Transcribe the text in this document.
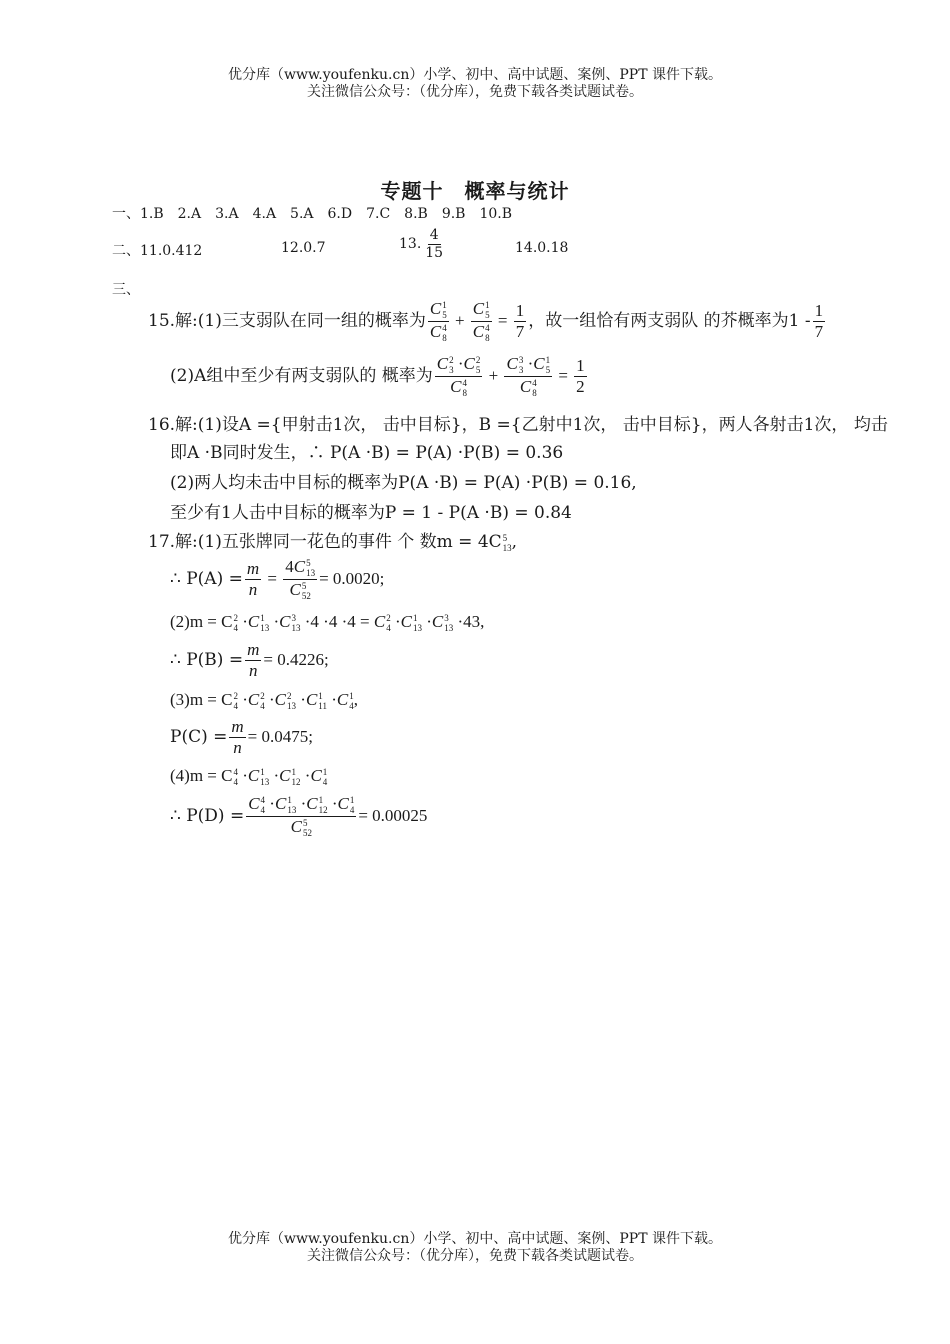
优分库（www.youfenku.cn）小学、初中、高中试题、案例、PPT 课件下载。
关注微信公众号：（优分库），免费下载各类试题试卷。
专题十　概率与统计
一、1.B　2.A　3.A　4.A　5.A　6.D　7.C　8.B　9.B　10.B
二、11.0.412	12.0.7	13. $\frac{4}{15}$	14.0.18
三、
15.解:(1)三支弱队在同一组的概率为 C 1
5
C 4
8 + C 1
5
C 4
$8 = \frac{1}{7}$ ，故一组恰有两支弱队 的芥概率为$1 - \frac{1}{7}$
(2)A组中至少有两支弱队的 概率为 C 2
3 ·C 2
5
C 4
8 + C 3
3 ·C 1
5
C 4
$8 = \frac{1}{2}$
16.解:(1)设A ={甲射击1次， 击中目标}，B ={乙射中1次， 击中目标}，两人各射击1次， 均击
即A ·B同时发生，∴ P(A ·B) = P(A) ·P(B) = 0.36
(2)两人均未击中目标的概率为P(A ·B) = P(A) ·P(B) = 0.16,
至少有1人击中目标的概率为P = 1 - P(A ·B) = 0.84
17.解:(1)五张牌同一花色的事件 个 数m = 4C 5
13 ,
∴ $P(A) = \frac{m}{n} = 4C$ 5
13
C 5
52 = 0.0020;
(2)m = C 2
4 ·C 1
13 ·C 3
13 ·4 ·4 ·4 = C 2
4 ·C 1
13 ·C 3
13 ·43,
∴ $P(B) = \frac{m}{n} = 0.4226$;
(3)m = C 2
4 ·C 2
4 ·C 2
13 ·C 1
11 ·C 1
4 ,
$P(C) = \frac{m}{n} = 0.0475$;
(4)m = C 4
4 ·C 1
13 ·C 1
12 ·C 1
4
∴ P(D) = C 4
4 ·C 1
13 ·C 1
12 ·C 1
4
C 5
52 = 0.00025
优分库（www.youfenku.cn）小学、初中、高中试题、案例、PPT 课件下载。
关注微信公众号：（优分库），免费下载各类试题试卷。
